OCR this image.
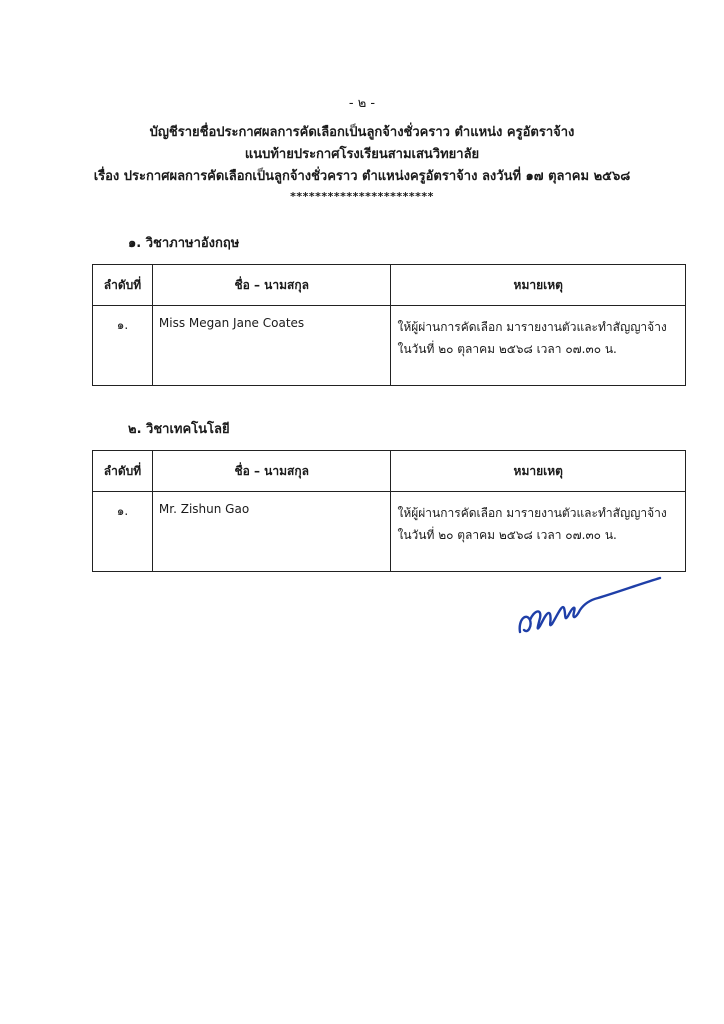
- ๒ -
บัญชีรายชื่อประกาศผลการคัดเลือกเป็นลูกจ้างชั่วคราว ตำแหน่ง ครูอัตราจ้าง
แนบท้ายประกาศโรงเรียนสามเสนวิทยาลัย
เรื่อง ประกาศผลการคัดเลือกเป็นลูกจ้างชั่วคราว ตำแหน่งครูอัตราจ้าง ลงวันที่ ๑๗ ตุลาคม ๒๕๖๘
***********************
๑. วิชาภาษาอังกฤษ
ลำดับที่	ชื่อ – นามสกุล	หมายเหตุ
๑.	Miss Megan Jane Coates	ให้ผู้ผ่านการคัดเลือก มารายงานตัวและทำสัญญาจ้าง
ในวันที่ ๒๐ ตุลาคม ๒๕๖๘ เวลา ๐๗.๓๐ น.
๒. วิชาเทคโนโลยี
ลำดับที่	ชื่อ – นามสกุล	หมายเหตุ
๑.	Mr. Zishun Gao	ให้ผู้ผ่านการคัดเลือก มารายงานตัวและทำสัญญาจ้าง
ในวันที่ ๒๐ ตุลาคม ๒๕๖๘ เวลา ๐๗.๓๐ น.
